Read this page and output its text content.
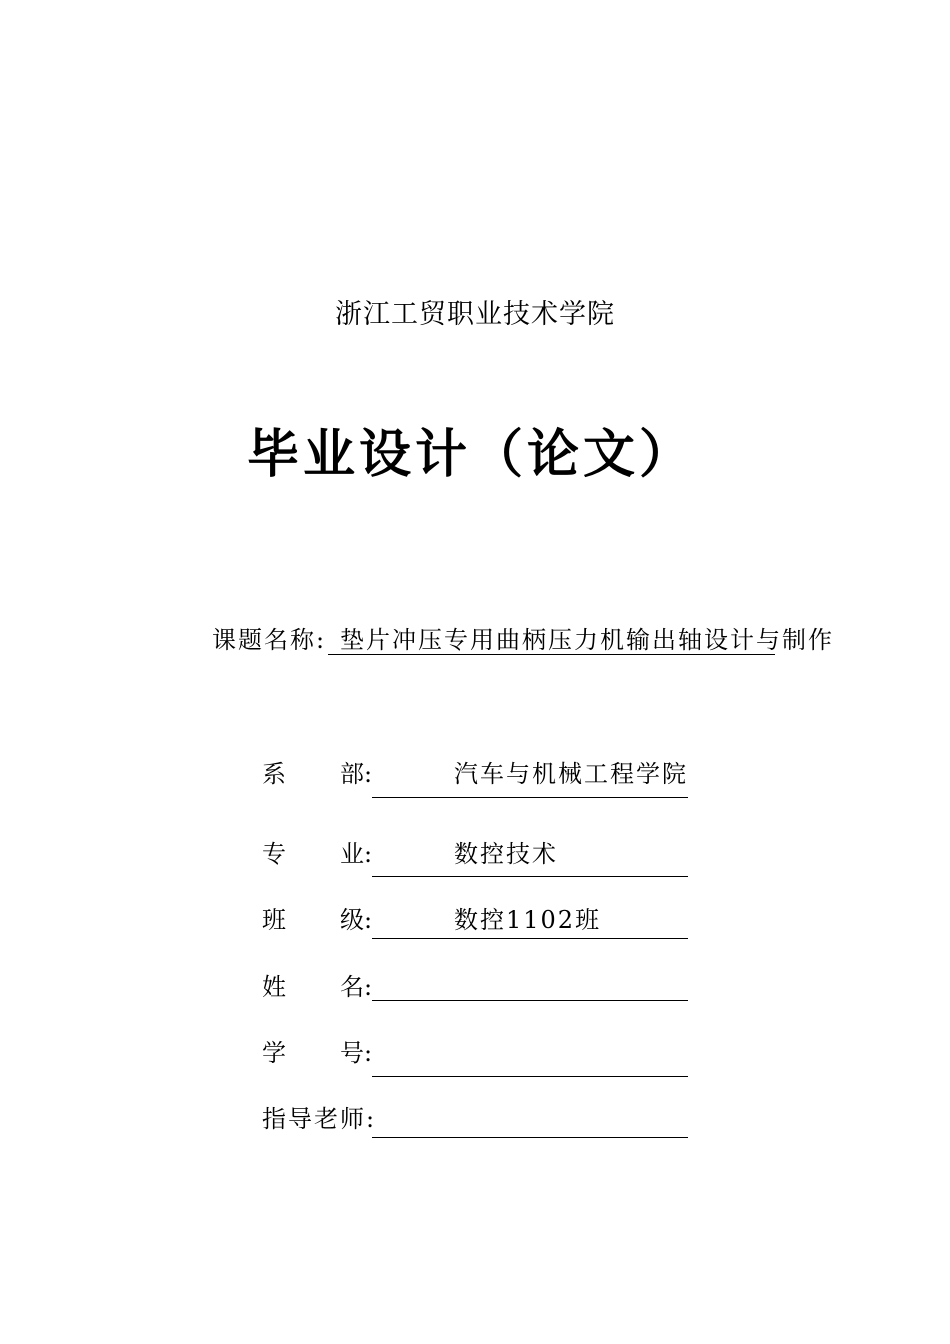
浙江工贸职业技术学院
毕业设计（论文）
课题名称: 垫片冲压专用曲柄压力机输出轴设计与制作
系 部:	汽车与机械工程学院
专 业:	数控技术
班 级:	数控1102班
姓 名:
学 号:
指导老师:
